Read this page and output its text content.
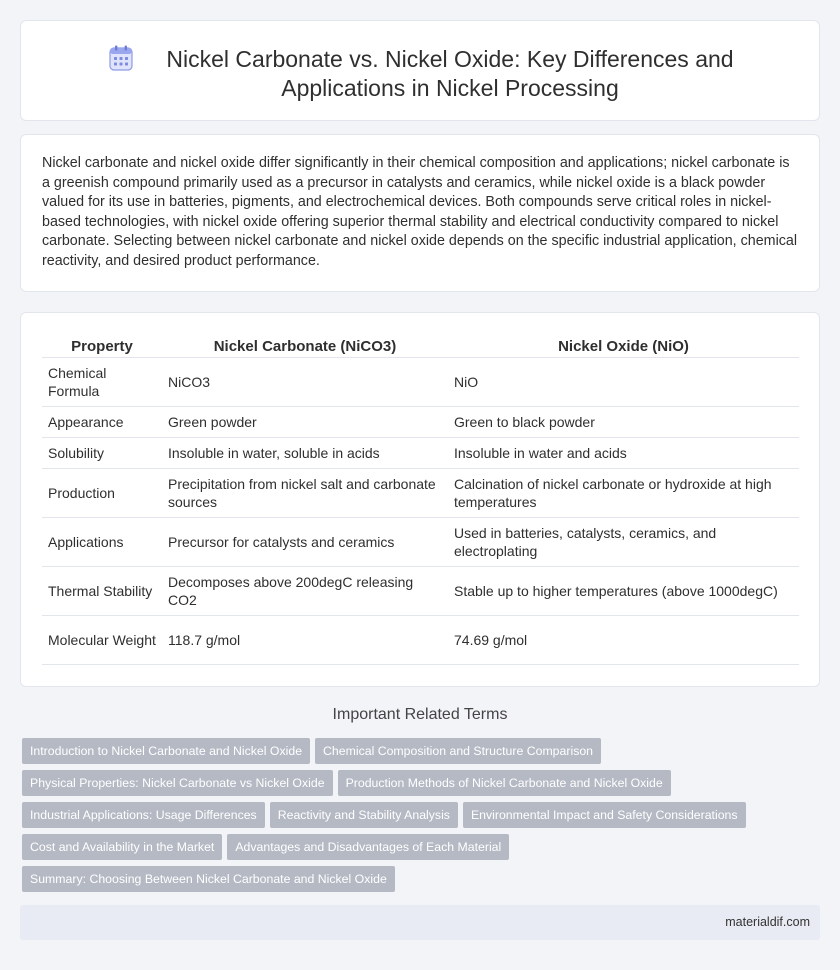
Nickel Carbonate vs. Nickel Oxide: Key Differences and Applications in Nickel Processing

Nickel carbonate and nickel oxide differ significantly in their chemical composition and applications; nickel carbonate is a greenish compound primarily used as a precursor in catalysts and ceramics, while nickel oxide is a black powder valued for its use in batteries, pigments, and electrochemical devices. Both compounds serve critical roles in nickel-based technologies, with nickel oxide offering superior thermal stability and electrical conductivity compared to nickel carbonate. Selecting between nickel carbonate and nickel oxide depends on the specific industrial application, chemical reactivity, and desired product performance.

Property	Nickel Carbonate (NiCO3)	Nickel Oxide (NiO)
Chemical Formula	NiCO3	NiO
Appearance	Green powder	Green to black powder
Solubility	Insoluble in water, soluble in acids	Insoluble in water and acids
Production	Precipitation from nickel salt and carbonate sources	Calcination of nickel carbonate or hydroxide at high temperatures
Applications	Precursor for catalysts and ceramics	Used in batteries, catalysts, ceramics, and electroplating
Thermal Stability	Decomposes above 200degC releasing CO2	Stable up to higher temperatures (above 1000degC)
Molecular Weight	118.7 g/mol	74.69 g/mol
Important Related Terms
Introduction to Nickel Carbonate and Nickel Oxide Chemical Composition and Structure Comparison
Physical Properties: Nickel Carbonate vs Nickel Oxide Production Methods of Nickel Carbonate and Nickel Oxide
Industrial Applications: Usage Differences Reactivity and Stability Analysis Environmental Impact and Safety Considerations
Cost and Availability in the Market Advantages and Disadvantages of Each Material
Summary: Choosing Between Nickel Carbonate and Nickel Oxide
materialdif.com
